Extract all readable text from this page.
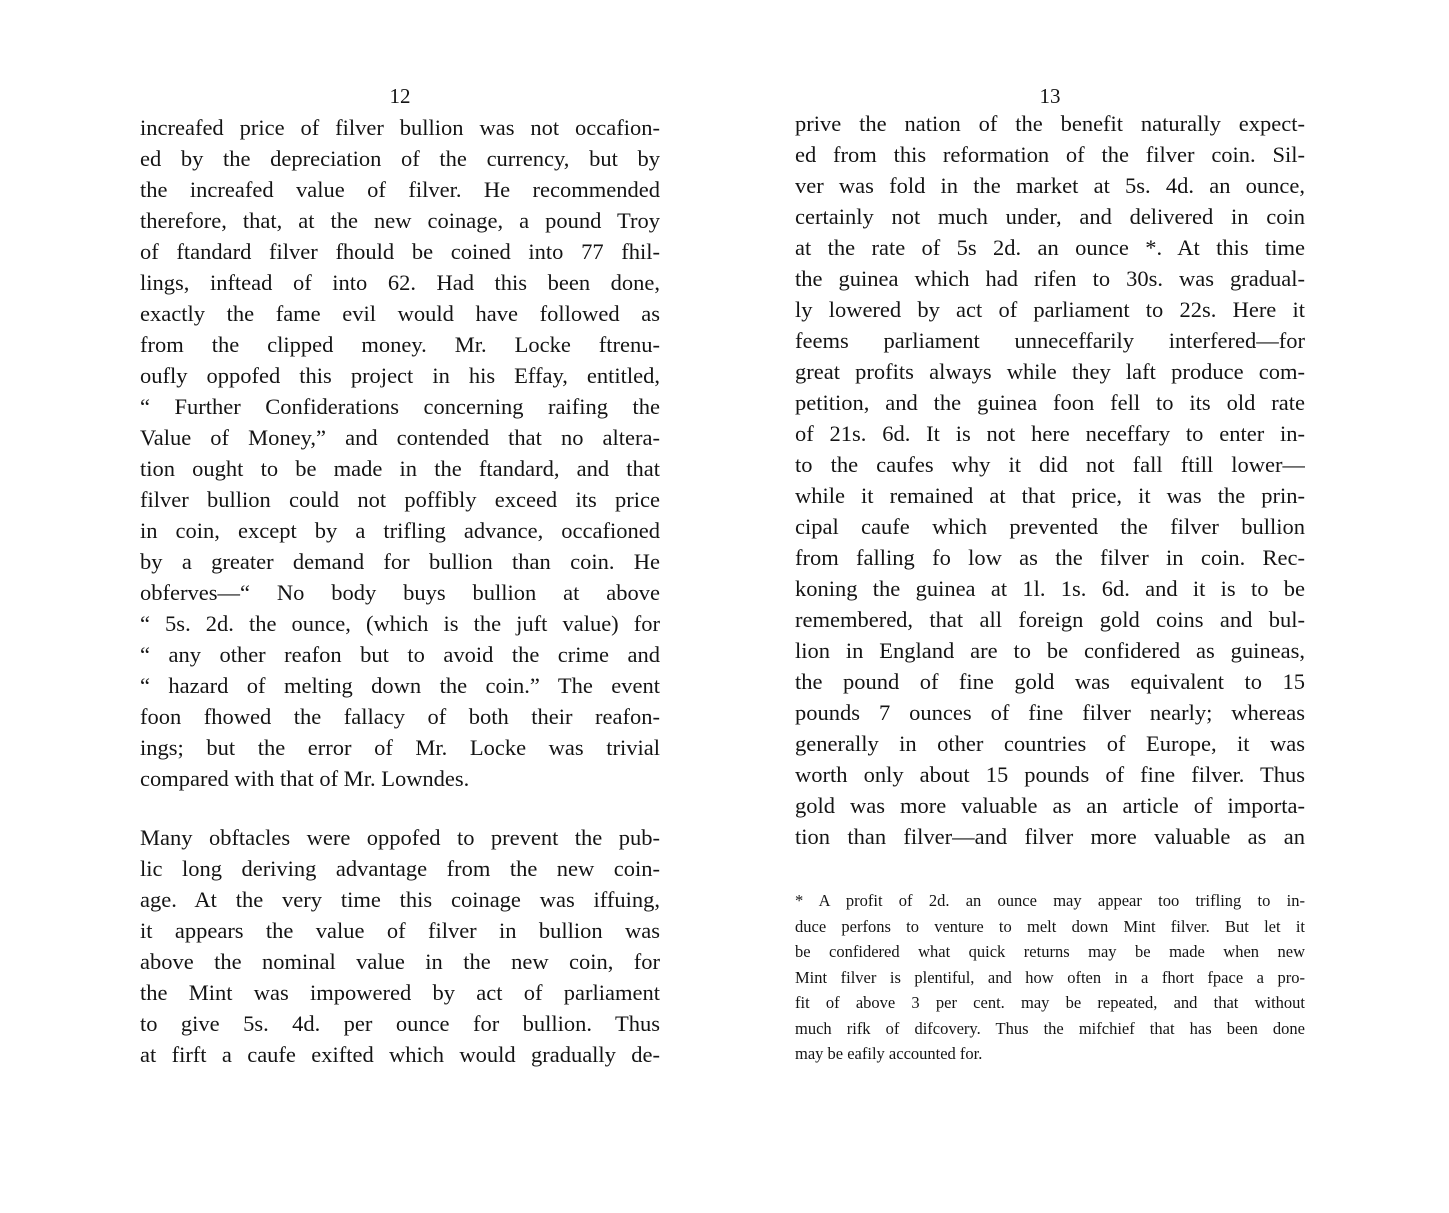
12
increafed price of filver bullion was not occafion-
ed by the depreciation of the currency, but by
the increafed value of filver. He recommended
therefore, that, at the new coinage, a pound Troy
of ftandard filver fhould be coined into 77 fhil-
lings, inftead of into 62. Had this been done,
exactly the fame evil would have followed as
from the clipped money. Mr. Locke ftrenu-
oufly oppofed this project in his Effay, entitled,
“ Further Confiderations concerning raifing the
Value of Money,” and contended that no altera-
tion ought to be made in the ftandard, and that
filver bullion could not poffibly exceed its price
in coin, except by a trifling advance, occafioned
by a greater demand for bullion than coin. He
obferves—“ No body buys bullion at above
“ 5s. 2d. the ounce, (which is the juft value) for
“ any other reafon but to avoid the crime and
“ hazard of melting down the coin.” The event
foon fhowed the fallacy of both their reafon-
ings; but the error of Mr. Locke was trivial
compared with that of Mr. Lowndes.
Many obftacles were oppofed to prevent the pub-
lic long deriving advantage from the new coin-
age. At the very time this coinage was iffuing,
it appears the value of filver in bullion was
above the nominal value in the new coin, for
the Mint was impowered by act of parliament
to give 5s. 4d. per ounce for bullion. Thus
at firft a caufe exifted which would gradually de-
13
prive the nation of the benefit naturally expect-
ed from this reformation of the filver coin. Sil-
ver was fold in the market at 5s. 4d. an ounce,
certainly not much under, and delivered in coin
at the rate of 5s 2d. an ounce *. At this time
the guinea which had rifen to 30s. was gradual-
ly lowered by act of parliament to 22s. Here it
feems parliament unneceffarily interfered—for
great profits always while they laft produce com-
petition, and the guinea foon fell to its old rate
of 21s. 6d. It is not here neceffary to enter in-
to the caufes why it did not fall ftill lower—
while it remained at that price, it was the prin-
cipal caufe which prevented the filver bullion
from falling fo low as the filver in coin. Rec-
koning the guinea at 1l. 1s. 6d. and it is to be
remembered, that all foreign gold coins and bul-
lion in England are to be confidered as guineas,
the pound of fine gold was equivalent to 15
pounds 7 ounces of fine filver nearly; whereas
generally in other countries of Europe, it was
worth only about 15 pounds of fine filver. Thus
gold was more valuable as an article of importa-
tion than filver—and filver more valuable as an
* A profit of 2d. an ounce may appear too trifling to in-
duce perfons to venture to melt down Mint filver. But let it
be confidered what quick returns may be made when new
Mint filver is plentiful, and how often in a fhort fpace a pro-
fit of above 3 per cent. may be repeated, and that without
much rifk of difcovery. Thus the mifchief that has been done
may be eafily accounted for.
